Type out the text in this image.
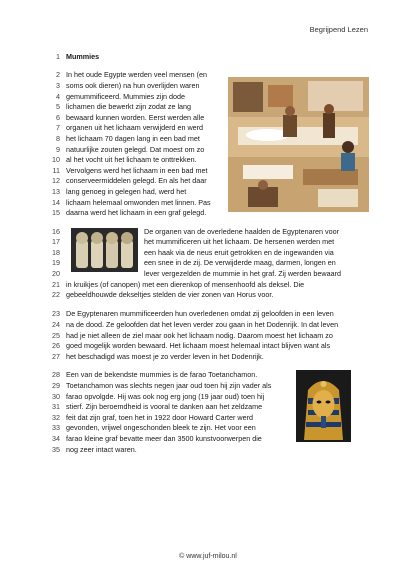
Begrijpend Lezen
1
2
3
4
5
6
7
8
9
10
11
12
13
14
15
16
17
18
19
20
21
22
23
24
25
26
27
28
29
30
31
32
33
34
35
Mummies
In het oude Egypte werden veel mensen (en
soms ook dieren) na hun overlijden waren
gemummificeerd. Mummies zijn dode
lichamen die bewerkt zijn zodat ze lang
bewaard kunnen worden. Eerst werden alle
organen uit het lichaam verwijderd en werd
het lichaam 70 dagen lang in een bad met
natuurlijke zouten gelegd. Dat moest om zo
al het vocht uit het lichaam te onttrekken.
Vervolgens werd het lichaam in een bad met
conserveermiddelen gelegd. En als het daar
lang genoeg in gelegen had, werd het
lichaam helemaal omwonden met linnen. Pas
daarna werd het lichaam in een graf gelegd.
De organen van de overledene haalden de Egyptenaren voor
het mummificeren uit het lichaam. De hersenen werden met
een haak via de neus eruit getrokken en de ingewanden via
een snee in de zij. De verwijderde maag, darmen, longen en
lever vergezelden de mummie in het graf. Zij werden bewaard
in kruikjes (of canopen) met een dierenkop of mensenhoofd als deksel. Die
gebeeldhouwde dekseltjes stelden de vier zonen van Horus voor.
De Egyptenaren mummificeerden hun overledenen omdat zij geloofden in een leven
na de dood. Ze geloofden dat het leven verder zou gaan in het Dodenrijk. In dat leven
had je niet alleen de ziel maar ook het lichaam nodig. Daarom moest het lichaam zo
goed mogelijk worden bewaard. Het lichaam moest helemaal intact blijven want als
het beschadigd was moest je zo verder leven in het Dodenrijk.
Een van de bekendste mummies is de farao Toetanchamon.
Toetanchamon was slechts negen jaar oud toen hij zijn vader als
farao opvolgde. Hij was ook nog erg jong (19 jaar oud) toen hij
stierf. Zijn beroemdheid is vooral te danken aan het zeldzame
feit dat zijn graf, toen het in 1922 door Howard Carter werd
gevonden, vrijwel ongeschonden bleek te zijn. Het voor een
farao kleine graf bevatte meer dan 3500 kunstvoorwerpen die
nog zeer intact waren.
© www.juf-milou.nl
